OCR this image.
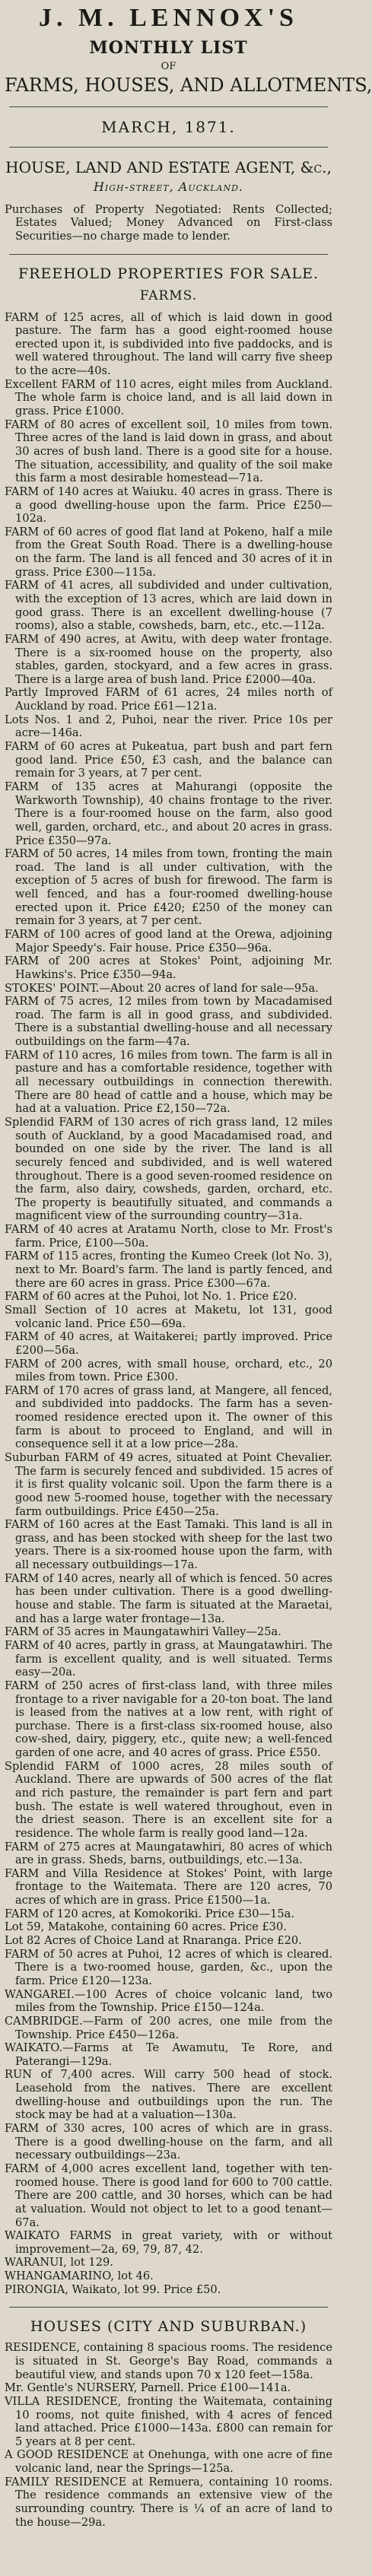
J. M. LENNOX'S
MONTHLY LIST
OF
FARMS, HOUSES, AND ALLOTMENTS,
MARCH, 1871.
HOUSE, LAND AND ESTATE AGENT, &c.,
High-street, Auckland.

Purchases of Property Negotiated: Rents Collected; Estates Valued; Money Advanced on First-class Securities—no charge made to lender.

FREEHOLD PROPERTIES FOR SALE.
FARMS.

FARM of 125 acres, all of which is laid down in good pasture. The farm has a good eight-roomed house erected upon it, is subdivided into five paddocks, and is well watered throughout. The land will carry five sheep to the acre—40s.

Excellent FARM of 110 acres, eight miles from Auckland. The whole farm is choice land, and is all laid down in grass. Price £1000.

FARM of 80 acres of excellent soil, 10 miles from town. Three acres of the land is laid down in grass, and about 30 acres of bush land. There is a good site for a house. The situation, accessibility, and quality of the soil make this farm a most desirable homestead—71a.

FARM of 140 acres at Waiuku. 40 acres in grass. There is a good dwelling-house upon the farm. Price £250—102a.

FARM of 60 acres of good flat land at Pokeno, half a mile from the Great South Road. There is a dwelling-house on the farm. The land is all fenced and 30 acres of it in grass. Price £300—115a.

FARM of 41 acres, all subdivided and under cultivation, with the exception of 13 acres, which are laid down in good grass. There is an excellent dwelling-house (7 rooms), also a stable, cowsheds, barn, etc., etc.—112a.

FARM of 490 acres, at Awitu, with deep water frontage. There is a six-roomed house on the property, also stables, garden, stockyard, and a few acres in grass. There is a large area of bush land. Price £2000—40a.

Partly Improved FARM of 61 acres, 24 miles north of Auckland by road. Price £61—121a.

Lots Nos. 1 and 2, Puhoi, near the river. Price 10s per acre—146a.

FARM of 60 acres at Pukeatua, part bush and part fern good land. Price £50, £3 cash, and the balance can remain for 3 years, at 7 per cent.

FARM of 135 acres at Mahurangi (opposite the Warkworth Township), 40 chains frontage to the river. There is a four-roomed house on the farm, also good well, garden, orchard, etc., and about 20 acres in grass. Price £350—97a.

FARM of 50 acres, 14 miles from town, fronting the main road. The land is all under cultivation, with the exception of 5 acres of bush for firewood. The farm is well fenced, and has a four-roomed dwelling-house erected upon it. Price £420; £250 of the money can remain for 3 years, at 7 per cent.

FARM of 100 acres of good land at the Orewa, adjoining Major Speedy's. Fair house. Price £350—96a.

FARM of 200 acres at Stokes' Point, adjoining Mr. Hawkins's. Price £350—94a.

STOKES' POINT.—About 20 acres of land for sale—95a.

FARM of 75 acres, 12 miles from town by Macadamised road. The farm is all in good grass, and subdivided. There is a substantial dwelling-house and all necessary outbuildings on the farm—47a.

FARM of 110 acres, 16 miles from town. The farm is all in pasture and has a comfortable residence, together with all necessary outbuildings in connection therewith. There are 80 head of cattle and a house, which may be had at a valuation. Price £2,150—72a.

Splendid FARM of 130 acres of rich grass land, 12 miles south of Auckland, by a good Macadamised road, and bounded on one side by the river. The land is all securely fenced and subdivided, and is well watered throughout. There is a good seven-roomed residence on the farm, also dairy, cowsheds, garden, orchard, etc. The property is beautifully situated, and commands a magnificent view of the surrounding country—31a.

FARM of 40 acres at Aratamu North, close to Mr. Frost's farm. Price, £100—50a.

FARM of 115 acres, fronting the Kumeo Creek (lot No. 3), next to Mr. Board's farm. The land is partly fenced, and there are 60 acres in grass. Price £300—67a.

FARM of 60 acres at the Puhoi, lot No. 1. Price £20.

Small Section of 10 acres at Maketu, lot 131, good volcanic land. Price £50—69a.

FARM of 40 acres, at Waitakerei; partly improved. Price £200—56a.

FARM of 200 acres, with small house, orchard, etc., 20 miles from town. Price £300.

FARM of 170 acres of grass land, at Mangere, all fenced, and subdivided into paddocks. The farm has a seven-roomed residence erected upon it. The owner of this farm is about to proceed to England, and will in consequence sell it at a low price—28a.

Suburban FARM of 49 acres, situated at Point Chevalier. The farm is securely fenced and subdivided. 15 acres of it is first quality volcanic soil. Upon the farm there is a good new 5-roomed house, together with the necessary farm outbuildings. Price £450—25a.

FARM of 160 acres at the East Tamaki. This land is all in grass, and has been stocked with sheep for the last two years. There is a six-roomed house upon the farm, with all necessary outbuildings—17a.

FARM of 140 acres, nearly all of which is fenced. 50 acres has been under cultivation. There is a good dwelling-house and stable. The farm is situated at the Maraetai, and has a large water frontage—13a.

FARM of 35 acres in Maungatawhiri Valley—25a.

FARM of 40 acres, partly in grass, at Maungatawhiri. The farm is excellent quality, and is well situated. Terms easy—20a.

FARM of 250 acres of first-class land, with three miles frontage to a river navigable for a 20-ton boat. The land is leased from the natives at a low rent, with right of purchase. There is a first-class six-roomed house, also cow-shed, dairy, piggery, etc., quite new; a well-fenced garden of one acre, and 40 acres of grass. Price £550.

Splendid FARM of 1000 acres, 28 miles south of Auckland. There are upwards of 500 acres of the flat and rich pasture, the remainder is part fern and part bush. The estate is well watered throughout, even in the driest season. There is an excellent site for a residence. The whole farm is really good land—12a.

FARM of 275 acres at Maungatawhiri, 80 acres of which are in grass. Sheds, barns, outbuildings, etc.—13a.

FARM and Villa Residence at Stokes' Point, with large frontage to the Waitemata. There are 120 acres, 70 acres of which are in grass. Price £1500—1a.

FARM of 120 acres, at Komokoriki. Price £30—15a.

Lot 59, Matakohe, containing 60 acres. Price £30.

Lot 82 Acres of Choice Land at Rnaranga. Price £20.

FARM of 50 acres at Puhoi, 12 acres of which is cleared. There is a two-roomed house, garden, &c., upon the farm. Price £120—123a.

WANGAREI.—100 Acres of choice volcanic land, two miles from the Township. Price £150—124a.

CAMBRIDGE.—Farm of 200 acres, one mile from the Township. Price £450—126a.

WAIKATO.—Farms at Te Awamutu, Te Rore, and Paterangi—129a.

RUN of 7,400 acres. Will carry 500 head of stock. Leasehold from the natives. There are excellent dwelling-house and outbuildings upon the run. The stock may be had at a valuation—130a.

FARM of 330 acres, 100 acres of which are in grass. There is a good dwelling-house on the farm, and all necessary outbuildings—23a.

FARM of 4,000 acres excellent land, together with ten-roomed house. There is good land for 600 to 700 cattle. There are 200 cattle, and 30 horses, which can be had at valuation. Would not object to let to a good tenant—67a.

WAIKATO FARMS in great variety, with or without improvement—2a, 69, 79, 87, 42.

WARANUI, lot 129.

WHANGAMARINO, lot 46.

PIRONGIA, Waikato, lot 99. Price £50.

HOUSES (CITY AND SUBURBAN.)

RESIDENCE, containing 8 spacious rooms. The residence is situated in St. George's Bay Road, commands a beautiful view, and stands upon 70 x 120 feet—158a.

Mr. Gentle's NURSERY, Parnell. Price £100—141a.

VILLA RESIDENCE, fronting the Waitemata, containing 10 rooms, not quite finished, with 4 acres of fenced land attached. Price £1000—143a. £800 can remain for 5 years at 8 per cent.

A GOOD RESIDENCE at Onehunga, with one acre of fine volcanic land, near the Springs—125a.

FAMILY RESIDENCE at Remuera, containing 10 rooms. The residence commands an extensive view of the surrounding country. There is ¼ of an acre of land to the house—29a.
